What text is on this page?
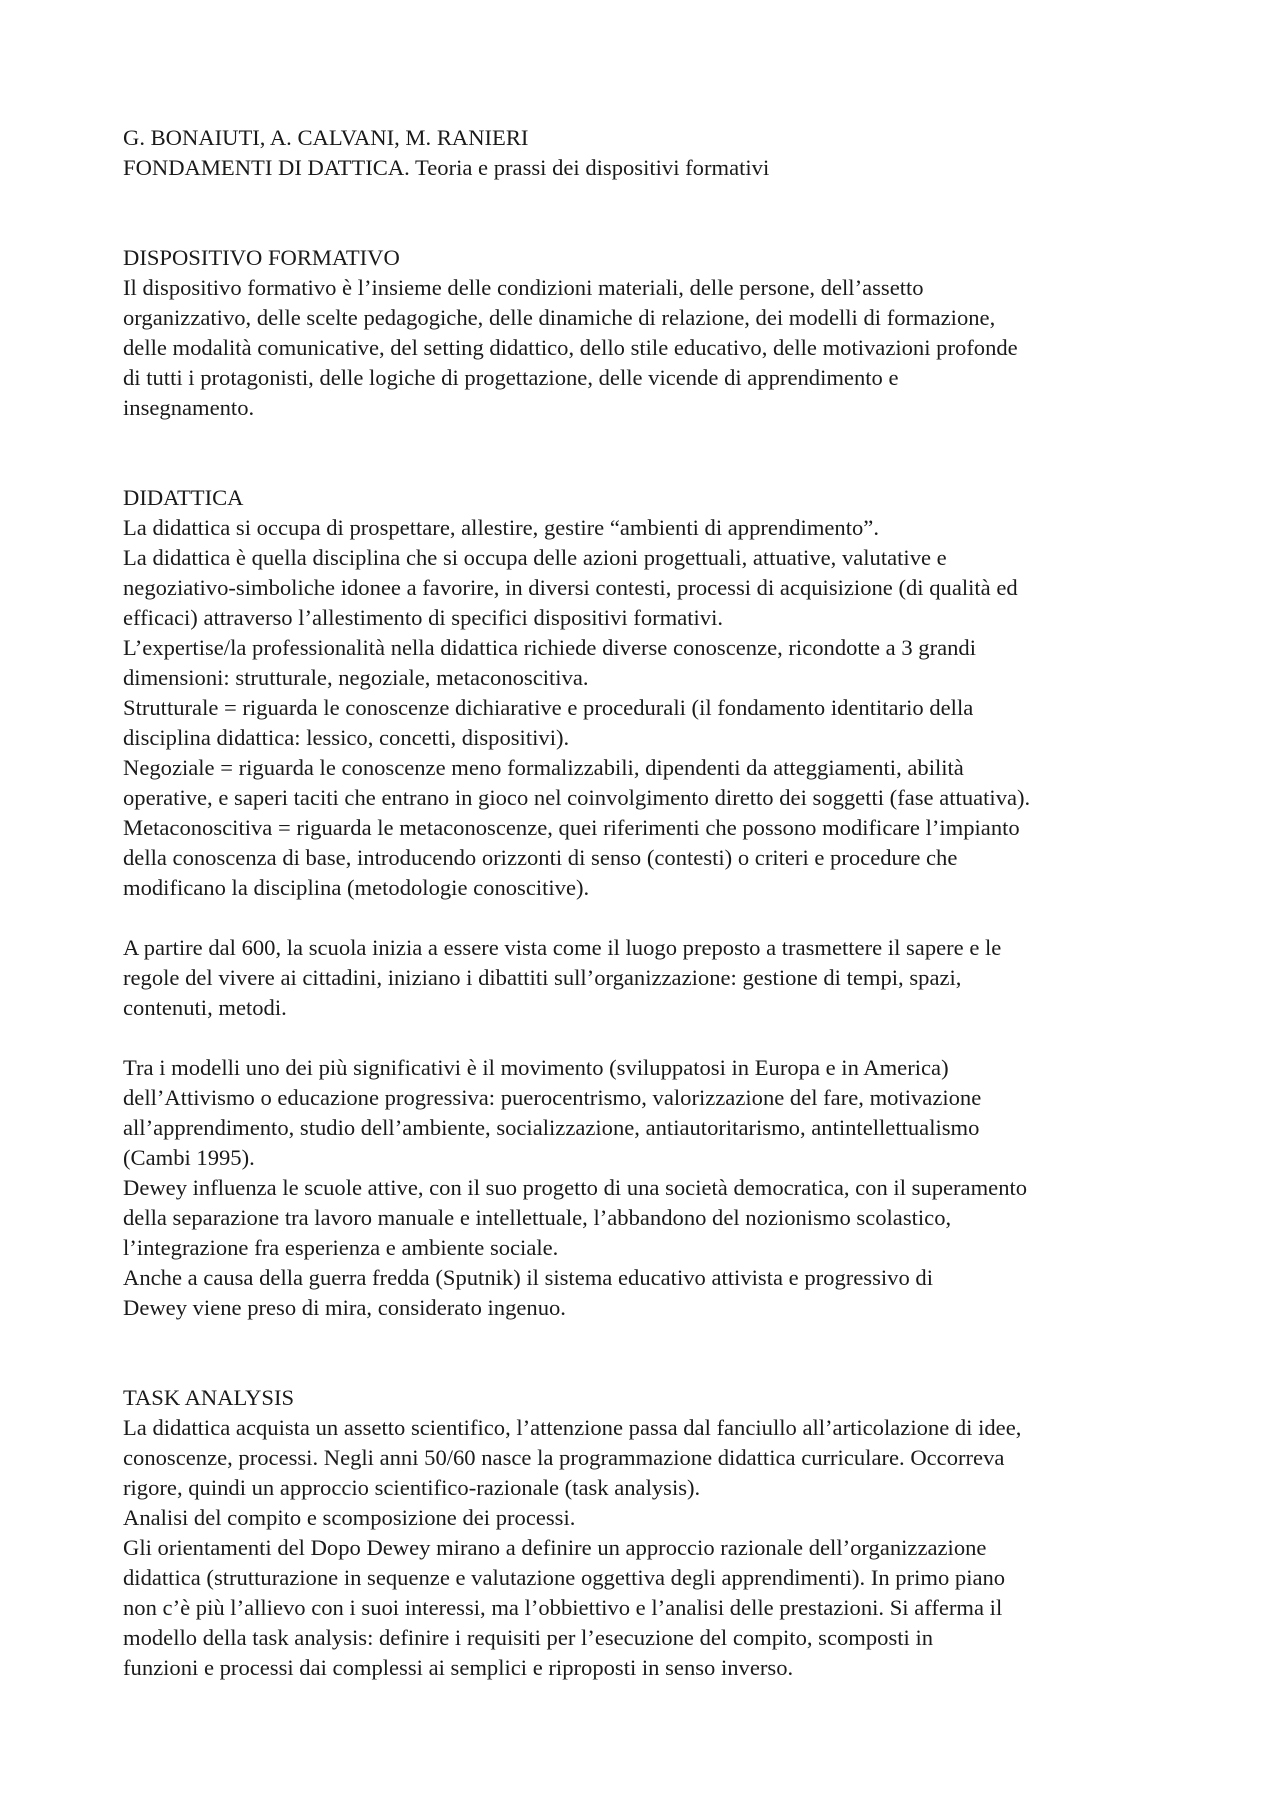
G. BONAIUTI, A. CALVANI, M. RANIERI
FONDAMENTI DI DATTICA. Teoria e prassi dei dispositivi formativi
DISPOSITIVO FORMATIVO
Il dispositivo formativo è l’insieme delle condizioni materiali, delle persone, dell’assetto
organizzativo, delle scelte pedagogiche, delle dinamiche di relazione, dei modelli di formazione,
delle modalità comunicative, del setting didattico, dello stile educativo, delle motivazioni profonde
di tutti i protagonisti, delle logiche di progettazione, delle vicende di apprendimento e
insegnamento.
DIDATTICA
La didattica si occupa di prospettare, allestire, gestire “ambienti di apprendimento”.
La didattica è quella disciplina che si occupa delle azioni progettuali, attuative, valutative e
negoziativo-simboliche idonee a favorire, in diversi contesti, processi di acquisizione (di qualità ed
efficaci) attraverso l’allestimento di specifici dispositivi formativi.
L’expertise/la professionalità nella didattica richiede diverse conoscenze, ricondotte a 3 grandi
dimensioni: strutturale, negoziale, metaconoscitiva.
Strutturale = riguarda le conoscenze dichiarative e procedurali (il fondamento identitario della
disciplina didattica: lessico, concetti, dispositivi).
Negoziale = riguarda le conoscenze meno formalizzabili, dipendenti da atteggiamenti, abilità
operative, e saperi taciti che entrano in gioco nel coinvolgimento diretto dei soggetti (fase attuativa).
Metaconoscitiva = riguarda le metaconoscenze, quei riferimenti che possono modificare l’impianto
della conoscenza di base, introducendo orizzonti di senso (contesti) o criteri e procedure che
modificano la disciplina (metodologie conoscitive).
A partire dal 600, la scuola inizia a essere vista come il luogo preposto a trasmettere il sapere e le
regole del vivere ai cittadini, iniziano i dibattiti sull’organizzazione: gestione di tempi, spazi,
contenuti, metodi.
Tra i modelli uno dei più significativi è il movimento (sviluppatosi in Europa e in America)
dell’Attivismo o educazione progressiva: puerocentrismo, valorizzazione del fare, motivazione
all’apprendimento, studio dell’ambiente, socializzazione, antiautoritarismo, antintellettualismo
(Cambi 1995).
Dewey influenza le scuole attive, con il suo progetto di una società democratica, con il superamento
della separazione tra lavoro manuale e intellettuale, l’abbandono del nozionismo scolastico,
l’integrazione fra esperienza e ambiente sociale.
Anche a causa della guerra fredda (Sputnik) il sistema educativo attivista e progressivo di
Dewey viene preso di mira, considerato ingenuo.
TASK ANALYSIS
La didattica acquista un assetto scientifico, l’attenzione passa dal fanciullo all’articolazione di idee,
conoscenze, processi. Negli anni 50/60 nasce la programmazione didattica curriculare. Occorreva
rigore, quindi un approccio scientifico-razionale (task analysis).
Analisi del compito e scomposizione dei processi.
Gli orientamenti del Dopo Dewey mirano a definire un approccio razionale dell’organizzazione
didattica (strutturazione in sequenze e valutazione oggettiva degli apprendimenti). In primo piano
non c’è più l’allievo con i suoi interessi, ma l’obbiettivo e l’analisi delle prestazioni. Si afferma il
modello della task analysis: definire i requisiti per l’esecuzione del compito, scomposti in
funzioni e processi dai complessi ai semplici e riproposti in senso inverso.
